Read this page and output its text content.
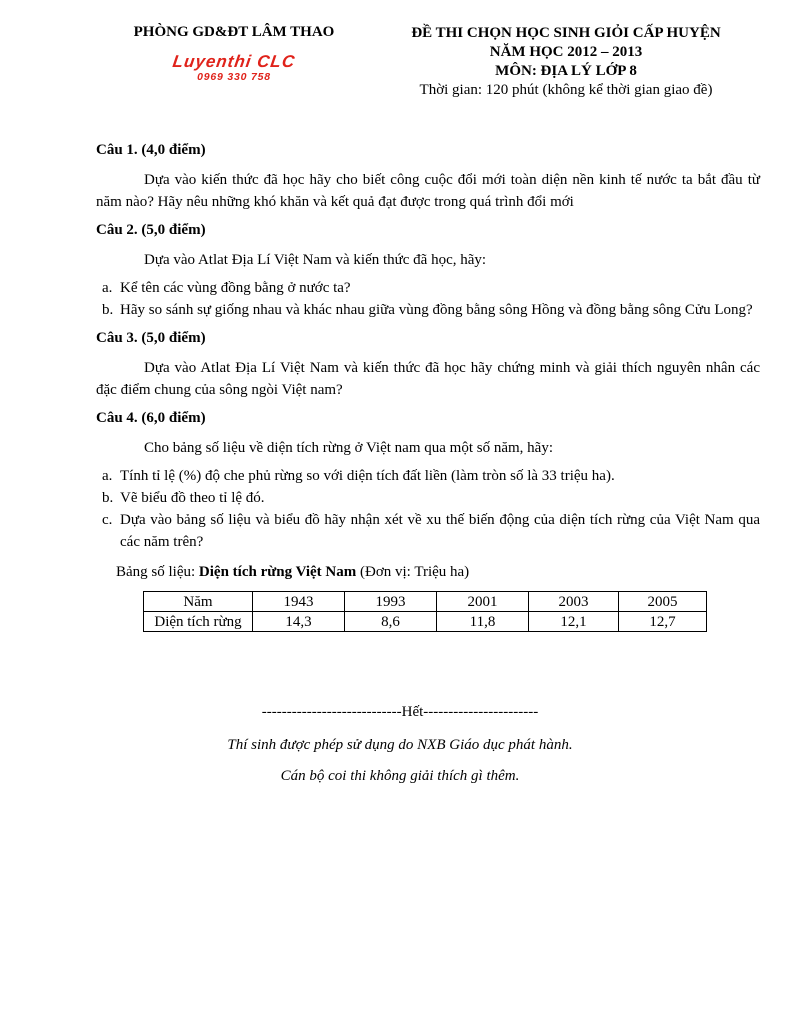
PHÒNG GD&ĐT LÂM THAO
Luyenthi CLC
0969 330 758
ĐỀ THI CHỌN HỌC SINH GIỎI CẤP HUYỆN
NĂM HỌC 2012 – 2013
MÔN: ĐỊA LÝ LỚP 8
Thời gian: 120 phút (không kể thời gian giao đề)

Câu 1. (4,0 điểm)

Dựa vào kiến thức đã học hãy cho biết công cuộc đổi mới toàn diện nền kinh tế nước ta bắt đầu từ năm nào? Hãy nêu những khó khăn và kết quả đạt được trong quá trình đổi mới

Câu 2. (5,0 điểm)

Dựa vào Atlat Địa Lí Việt Nam và kiến thức đã học, hãy:

a. Kể tên các vùng đồng bằng ở nước ta?
b. Hãy so sánh sự giống nhau và khác nhau giữa vùng đồng bằng sông Hồng và đồng bằng sông Cửu Long?

Câu 3. (5,0 điểm)

Dựa vào Atlat Địa Lí Việt Nam và kiến thức đã học hãy chứng minh và giải thích nguyên nhân các đặc điểm chung của sông ngòi Việt nam?

Câu 4. (6,0 điểm)

Cho bảng số liệu về diện tích rừng ở Việt nam qua một số năm, hãy:

a. Tính tỉ lệ (%) độ che phủ rừng so với diện tích đất liền (làm tròn số là 33 triệu ha).
b. Vẽ biểu đồ theo tỉ lệ đó.
c. Dựa vào bảng số liệu và biểu đồ hãy nhận xét về xu thế biến động của diện tích rừng của Việt Nam qua các năm trên?

Bảng số liệu: Diện tích rừng Việt Nam (Đơn vị: Triệu ha)

Năm	1943	1993	2001	2003	2005
Diện tích rừng	14,3	8,6	11,8	12,1	12,7
----------------------------Hết-----------------------
Thí sinh được phép sử dụng do NXB Giáo dục phát hành.
Cán bộ coi thi không giải thích gì thêm.
